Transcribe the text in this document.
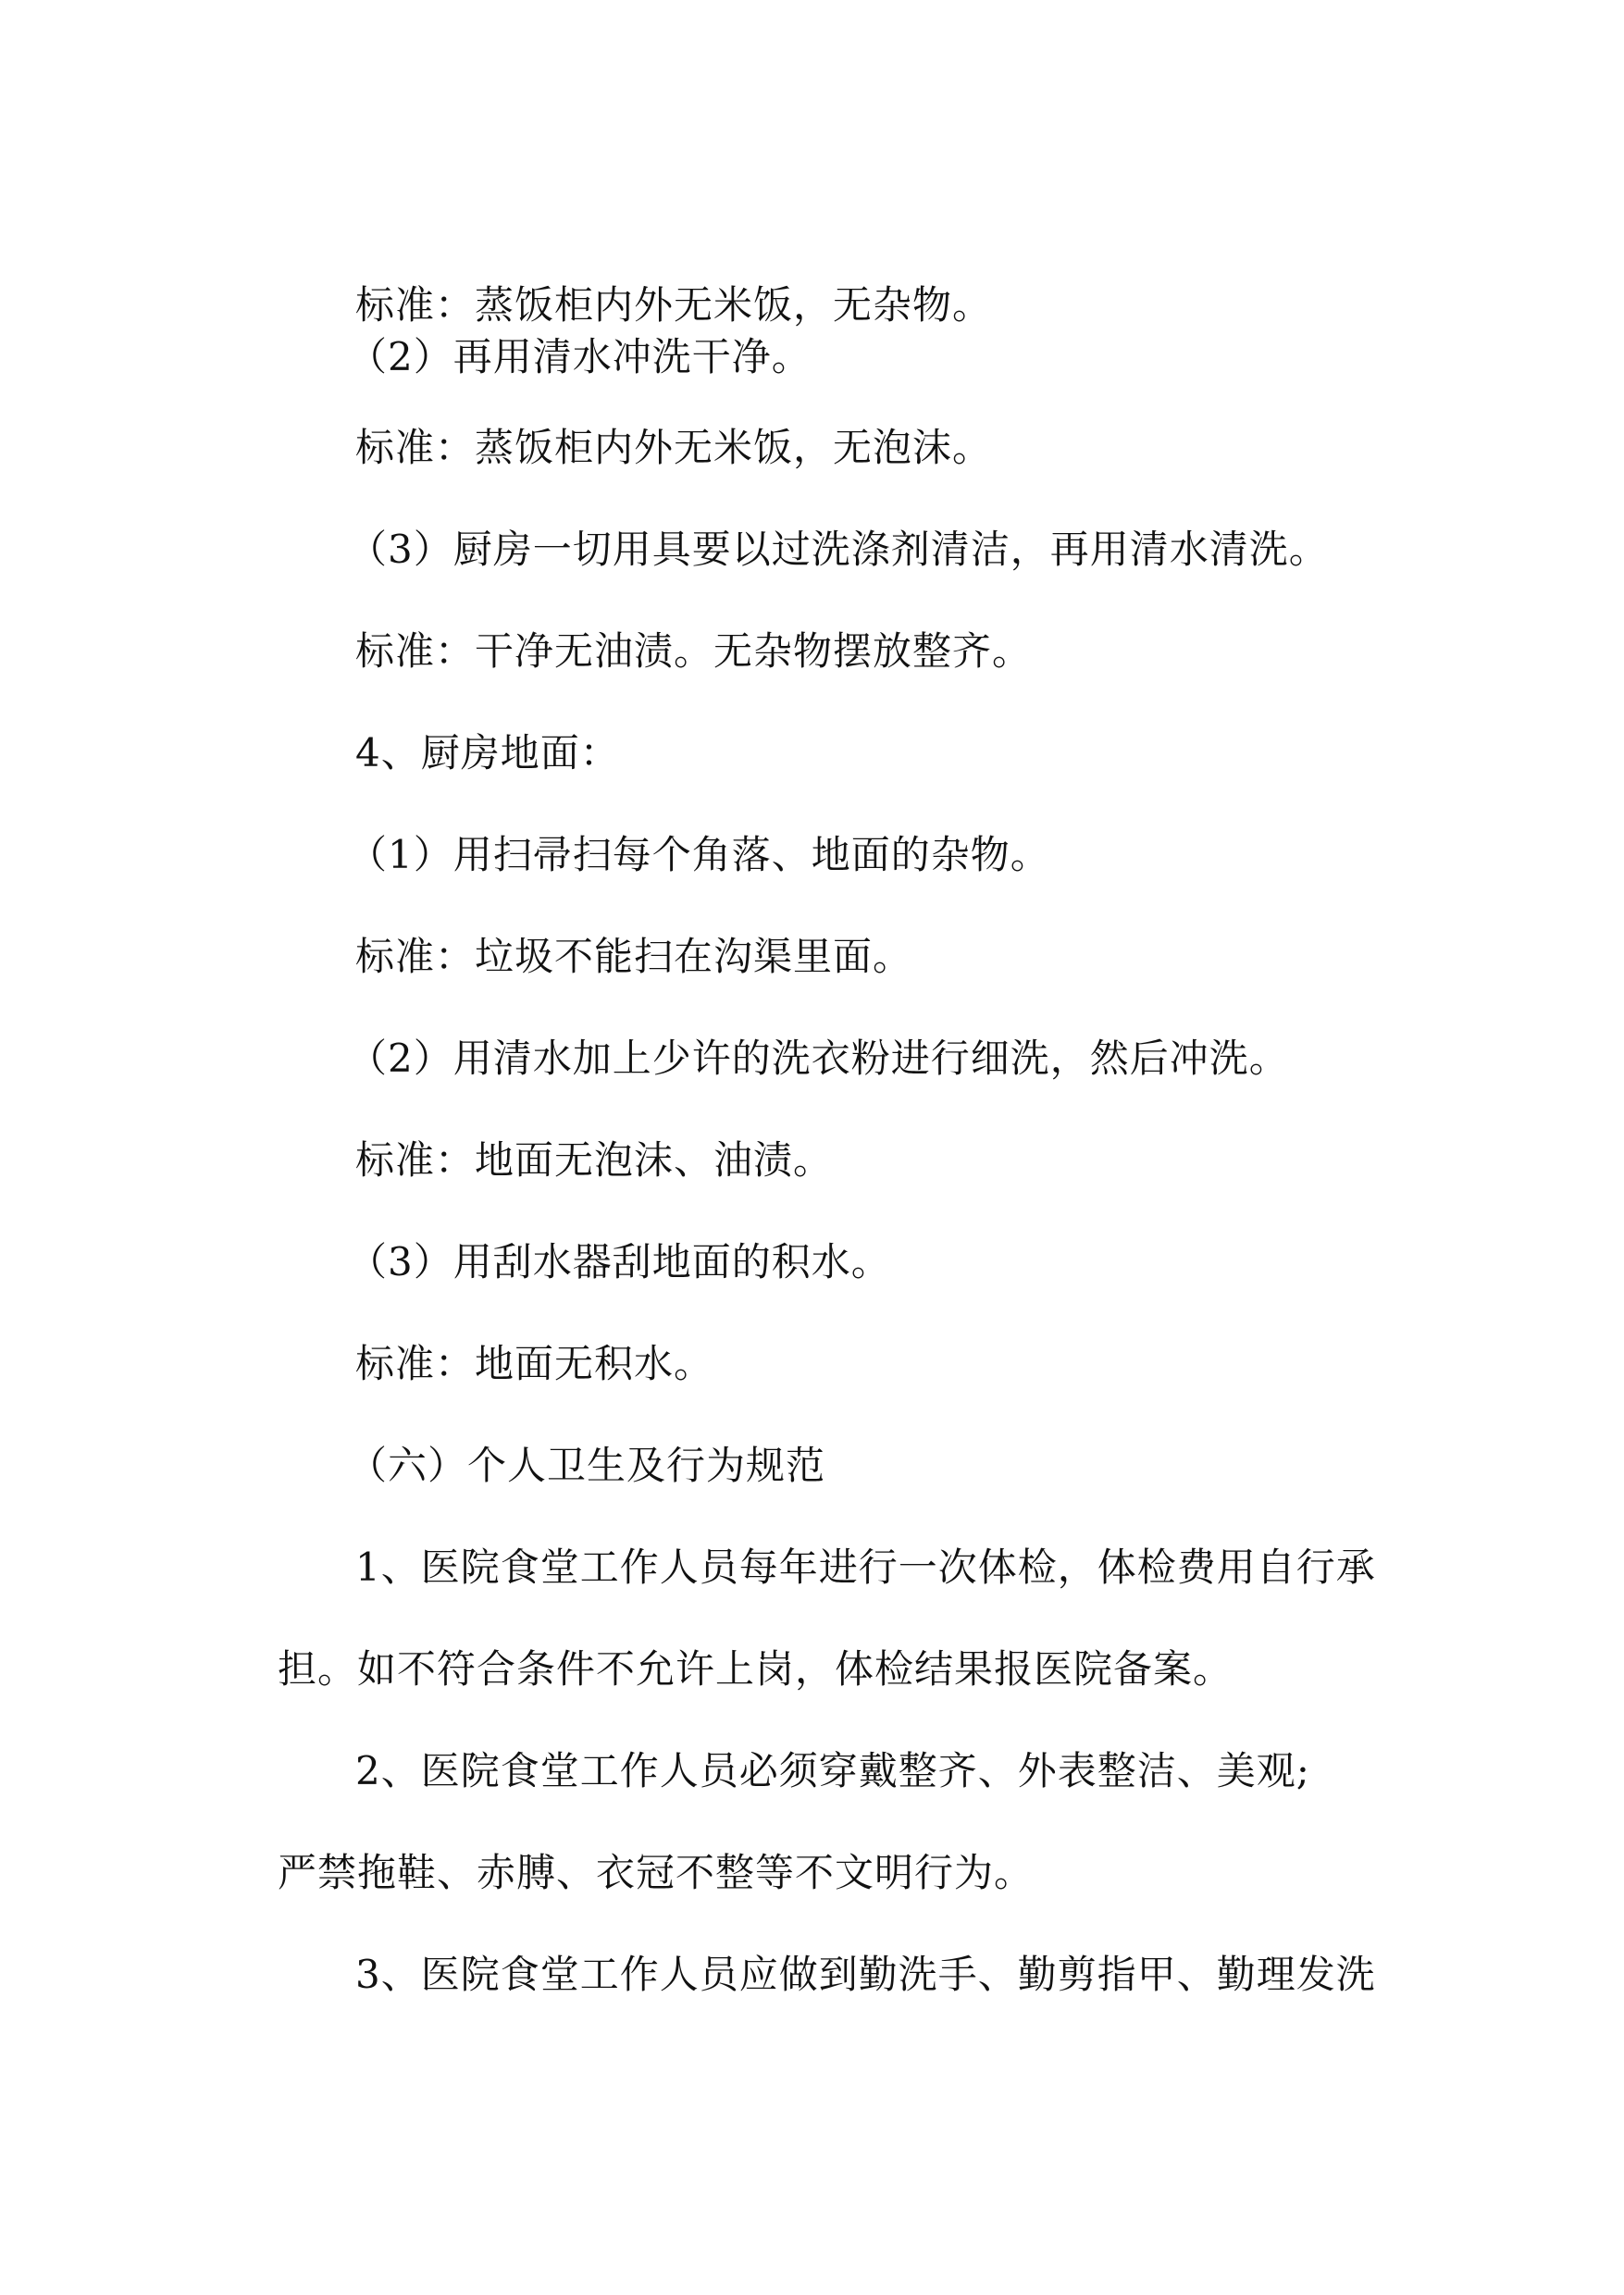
标准：蒸饭柜内外无米饭，无杂物。
（2）再用清水冲洗干净。
标准：蒸饭柜内外无米饭，无泡沫。
（3）厨房一切用具要以过洗涤剂清洁，再用清水清洗。
标准：干净无油渍。无杂物摆放整齐。
4、厨房地面：
（1）用扫帚扫每个角落、地面的杂物。
标准：垃圾不能扫在沟渠里面。
（2）用清水加上少许的洗衣粉进行细洗，然后冲洗。
标准：地面无泡沫、油渍。
（3）用刮水器刮地面的积水。
标准：地面无积水。
（六）个人卫生及行为规范
1、医院食堂工作人员每年进行一次体检，体检费用自行承
担。如不符合条件不允许上岗，体检结果报医院备案。
2、医院食堂工作人员必须穿戴整齐、外表整洁、美观;
严禁拖鞋、赤膊、衣冠不整等不文明行为。
3、医院食堂工作人员应做到勤洗手、勤剪指甲、勤理发洗
